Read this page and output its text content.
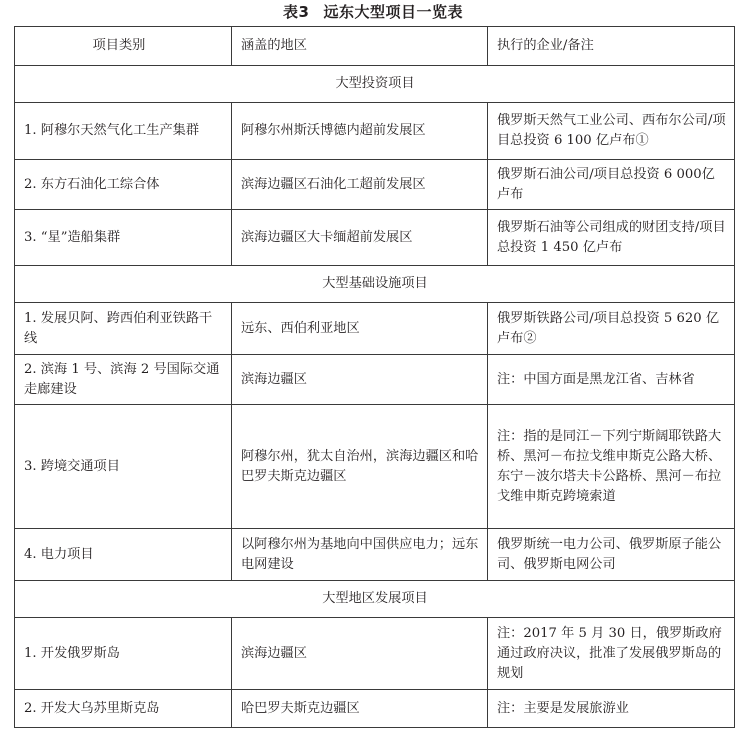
表3 远东大型项目一览表
项目类别	涵盖的地区	执行的企业/备注
大型投资项目		
1. 阿穆尔天然气化工生产集群	阿穆尔州斯沃博德内超前发展区	俄罗斯天然气工业公司、西布尔公司/项目总投资 6 100 亿卢布①
2. 东方石油化工综合体	滨海边疆区石油化工超前发展区	俄罗斯石油公司/项目总投资 6 000亿卢布
3. “星”造船集群	滨海边疆区大卡缅超前发展区	俄罗斯石油等公司组成的财团支持/项目总投资 1 450 亿卢布
大型基础设施项目		
1. 发展贝阿、跨西伯利亚铁路干线	远东、西伯利亚地区	俄罗斯铁路公司/项目总投资 5 620 亿卢布②
2. 滨海 1 号、滨海 2 号国际交通走廊建设	滨海边疆区	注：中国方面是黑龙江省、吉林省
3. 跨境交通项目	阿穆尔州，犹太自治州，滨海边疆区和哈巴罗夫斯克边疆区	注：指的是同江－下列宁斯阔耶铁路大桥、黑河－布拉戈维申斯克公路大桥、东宁－波尔塔夫卡公路桥、黑河－布拉戈维申斯克跨境索道
4. 电力项目	以阿穆尔州为基地向中国供应电力；远东电网建设	俄罗斯统一电力公司、俄罗斯原子能公司、俄罗斯电网公司
大型地区发展项目		
1. 开发俄罗斯岛	滨海边疆区	注：2017 年 5 月 30 日，俄罗斯政府通过政府决议，批准了发展俄罗斯岛的规划
2. 开发大乌苏里斯克岛	哈巴罗夫斯克边疆区	注：主要是发展旅游业
